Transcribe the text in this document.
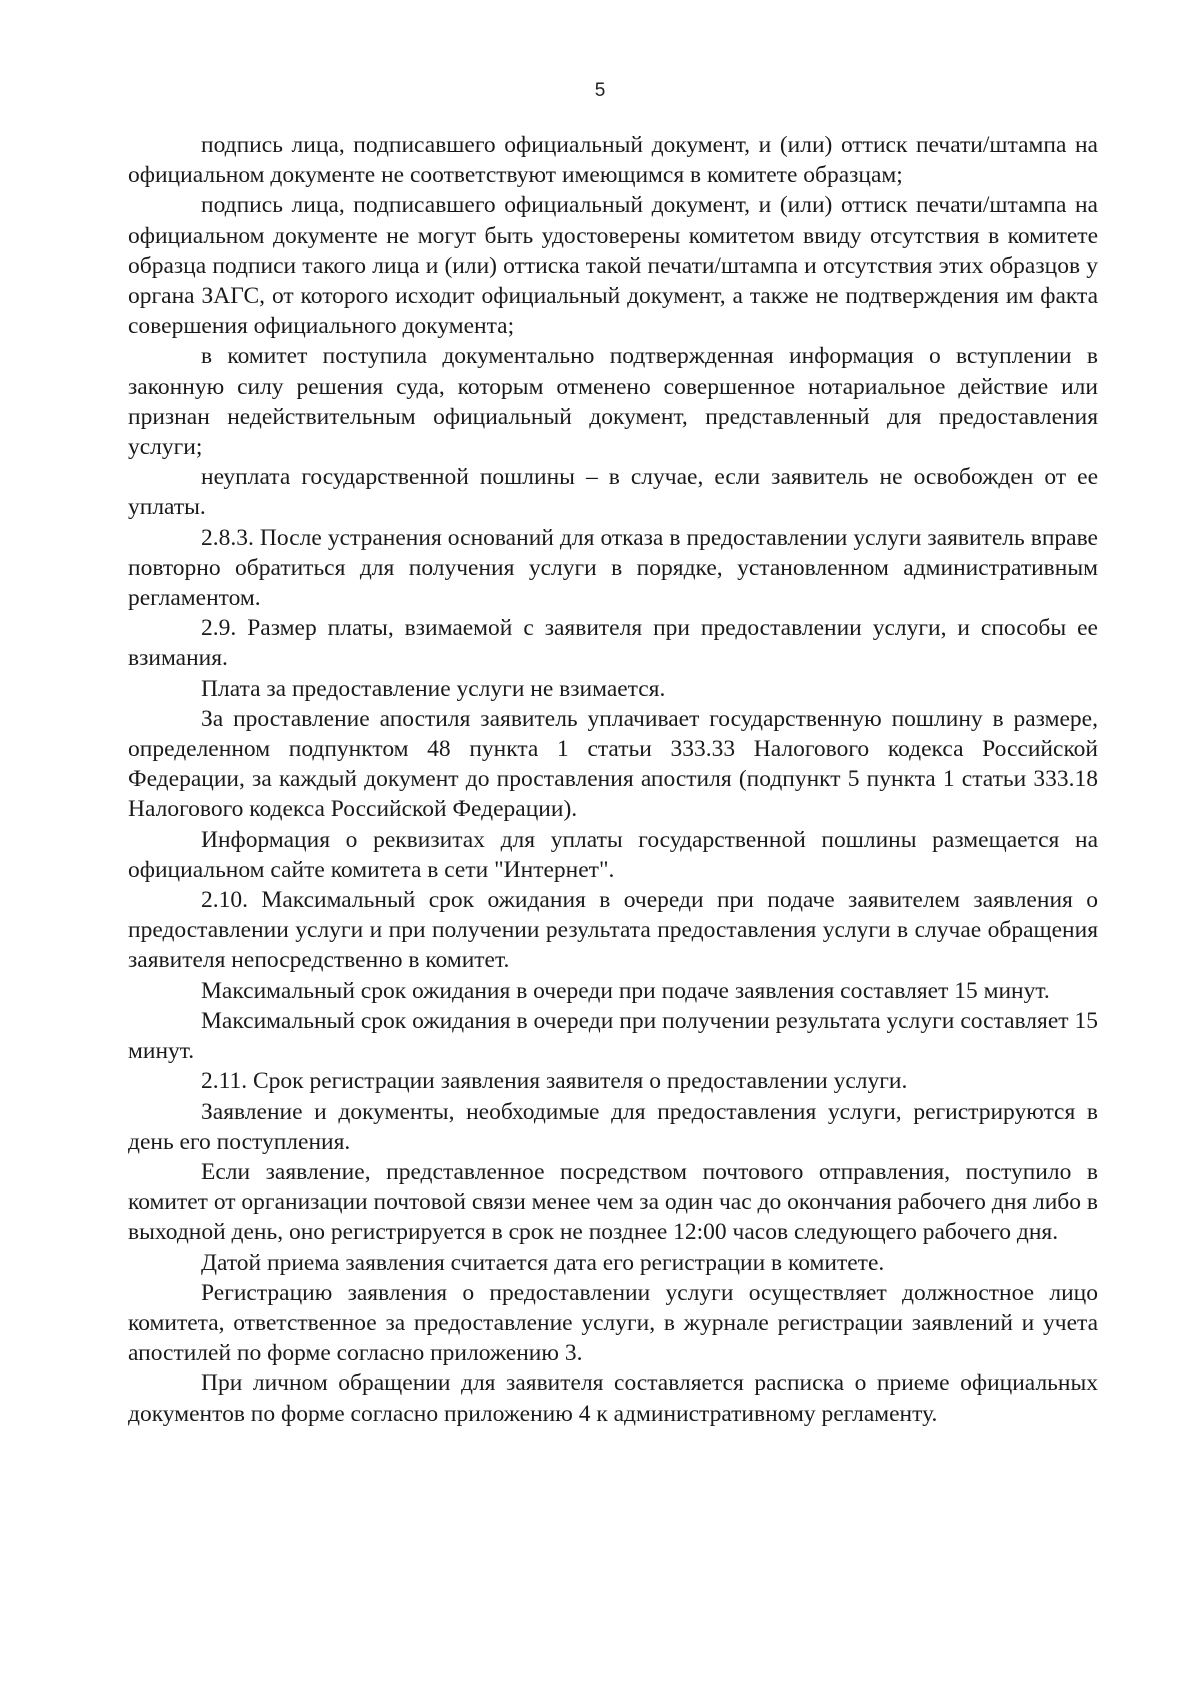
5

подпись лица, подписавшего официальный документ, и (или) оттиск печати/штампа на официальном документе не соответствуют имеющимся в комитете образцам;

подпись лица, подписавшего официальный документ, и (или) оттиск печати/штампа на официальном документе не могут быть удостоверены комитетом ввиду отсутствия в комитете образца подписи такого лица и (или) оттиска такой печати/штампа и отсутствия этих образцов у органа ЗАГС, от которого исходит официальный документ, а также не подтверждения им факта совершения официального документа;

в комитет поступила документально подтвержденная информация о вступлении в законную силу решения суда, которым отменено совершенное нотариальное действие или признан недействительным официальный документ, представленный для предоставления услуги;

неуплата государственной пошлины – в случае, если заявитель не освобожден от ее уплаты.

2.8.3. После устранения оснований для отказа в предоставлении услуги заявитель вправе повторно обратиться для получения услуги в порядке, установленном административным регламентом.

2.9. Размер платы, взимаемой с заявителя при предоставлении услуги, и способы ее взимания.

Плата за предоставление услуги не взимается.

За проставление апостиля заявитель уплачивает государственную пошлину в размере, определенном подпунктом 48 пункта 1 статьи 333.33 Налогового кодекса Российской Федерации, за каждый документ до проставления апостиля (подпункт 5 пункта 1 статьи 333.18 Налогового кодекса Российской Федерации).

Информация о реквизитах для уплаты государственной пошлины размещается на официальном сайте комитета в сети "Интернет".

2.10. Максимальный срок ожидания в очереди при подаче заявителем заявления о предоставлении услуги и при получении результата предоставления услуги в случае обращения заявителя непосредственно в комитет.

Максимальный срок ожидания в очереди при подаче заявления составляет 15 минут.

Максимальный срок ожидания в очереди при получении результата услуги составляет 15 минут.

2.11. Срок регистрации заявления заявителя о предоставлении услуги.

Заявление и документы, необходимые для предоставления услуги, регистрируются в день его поступления.

Если заявление, представленное посредством почтового отправления, поступило в комитет от организации почтовой связи менее чем за один час до окончания рабочего дня либо в выходной день, оно регистрируется в срок не позднее 12:00 часов следующего рабочего дня.

Датой приема заявления считается дата его регистрации в комитете.

Регистрацию заявления о предоставлении услуги осуществляет должностное лицо комитета, ответственное за предоставление услуги, в журнале регистрации заявлений и учета апостилей по форме согласно приложению 3.

При личном обращении для заявителя составляется расписка о приеме официальных документов по форме согласно приложению 4 к административному регламенту.
